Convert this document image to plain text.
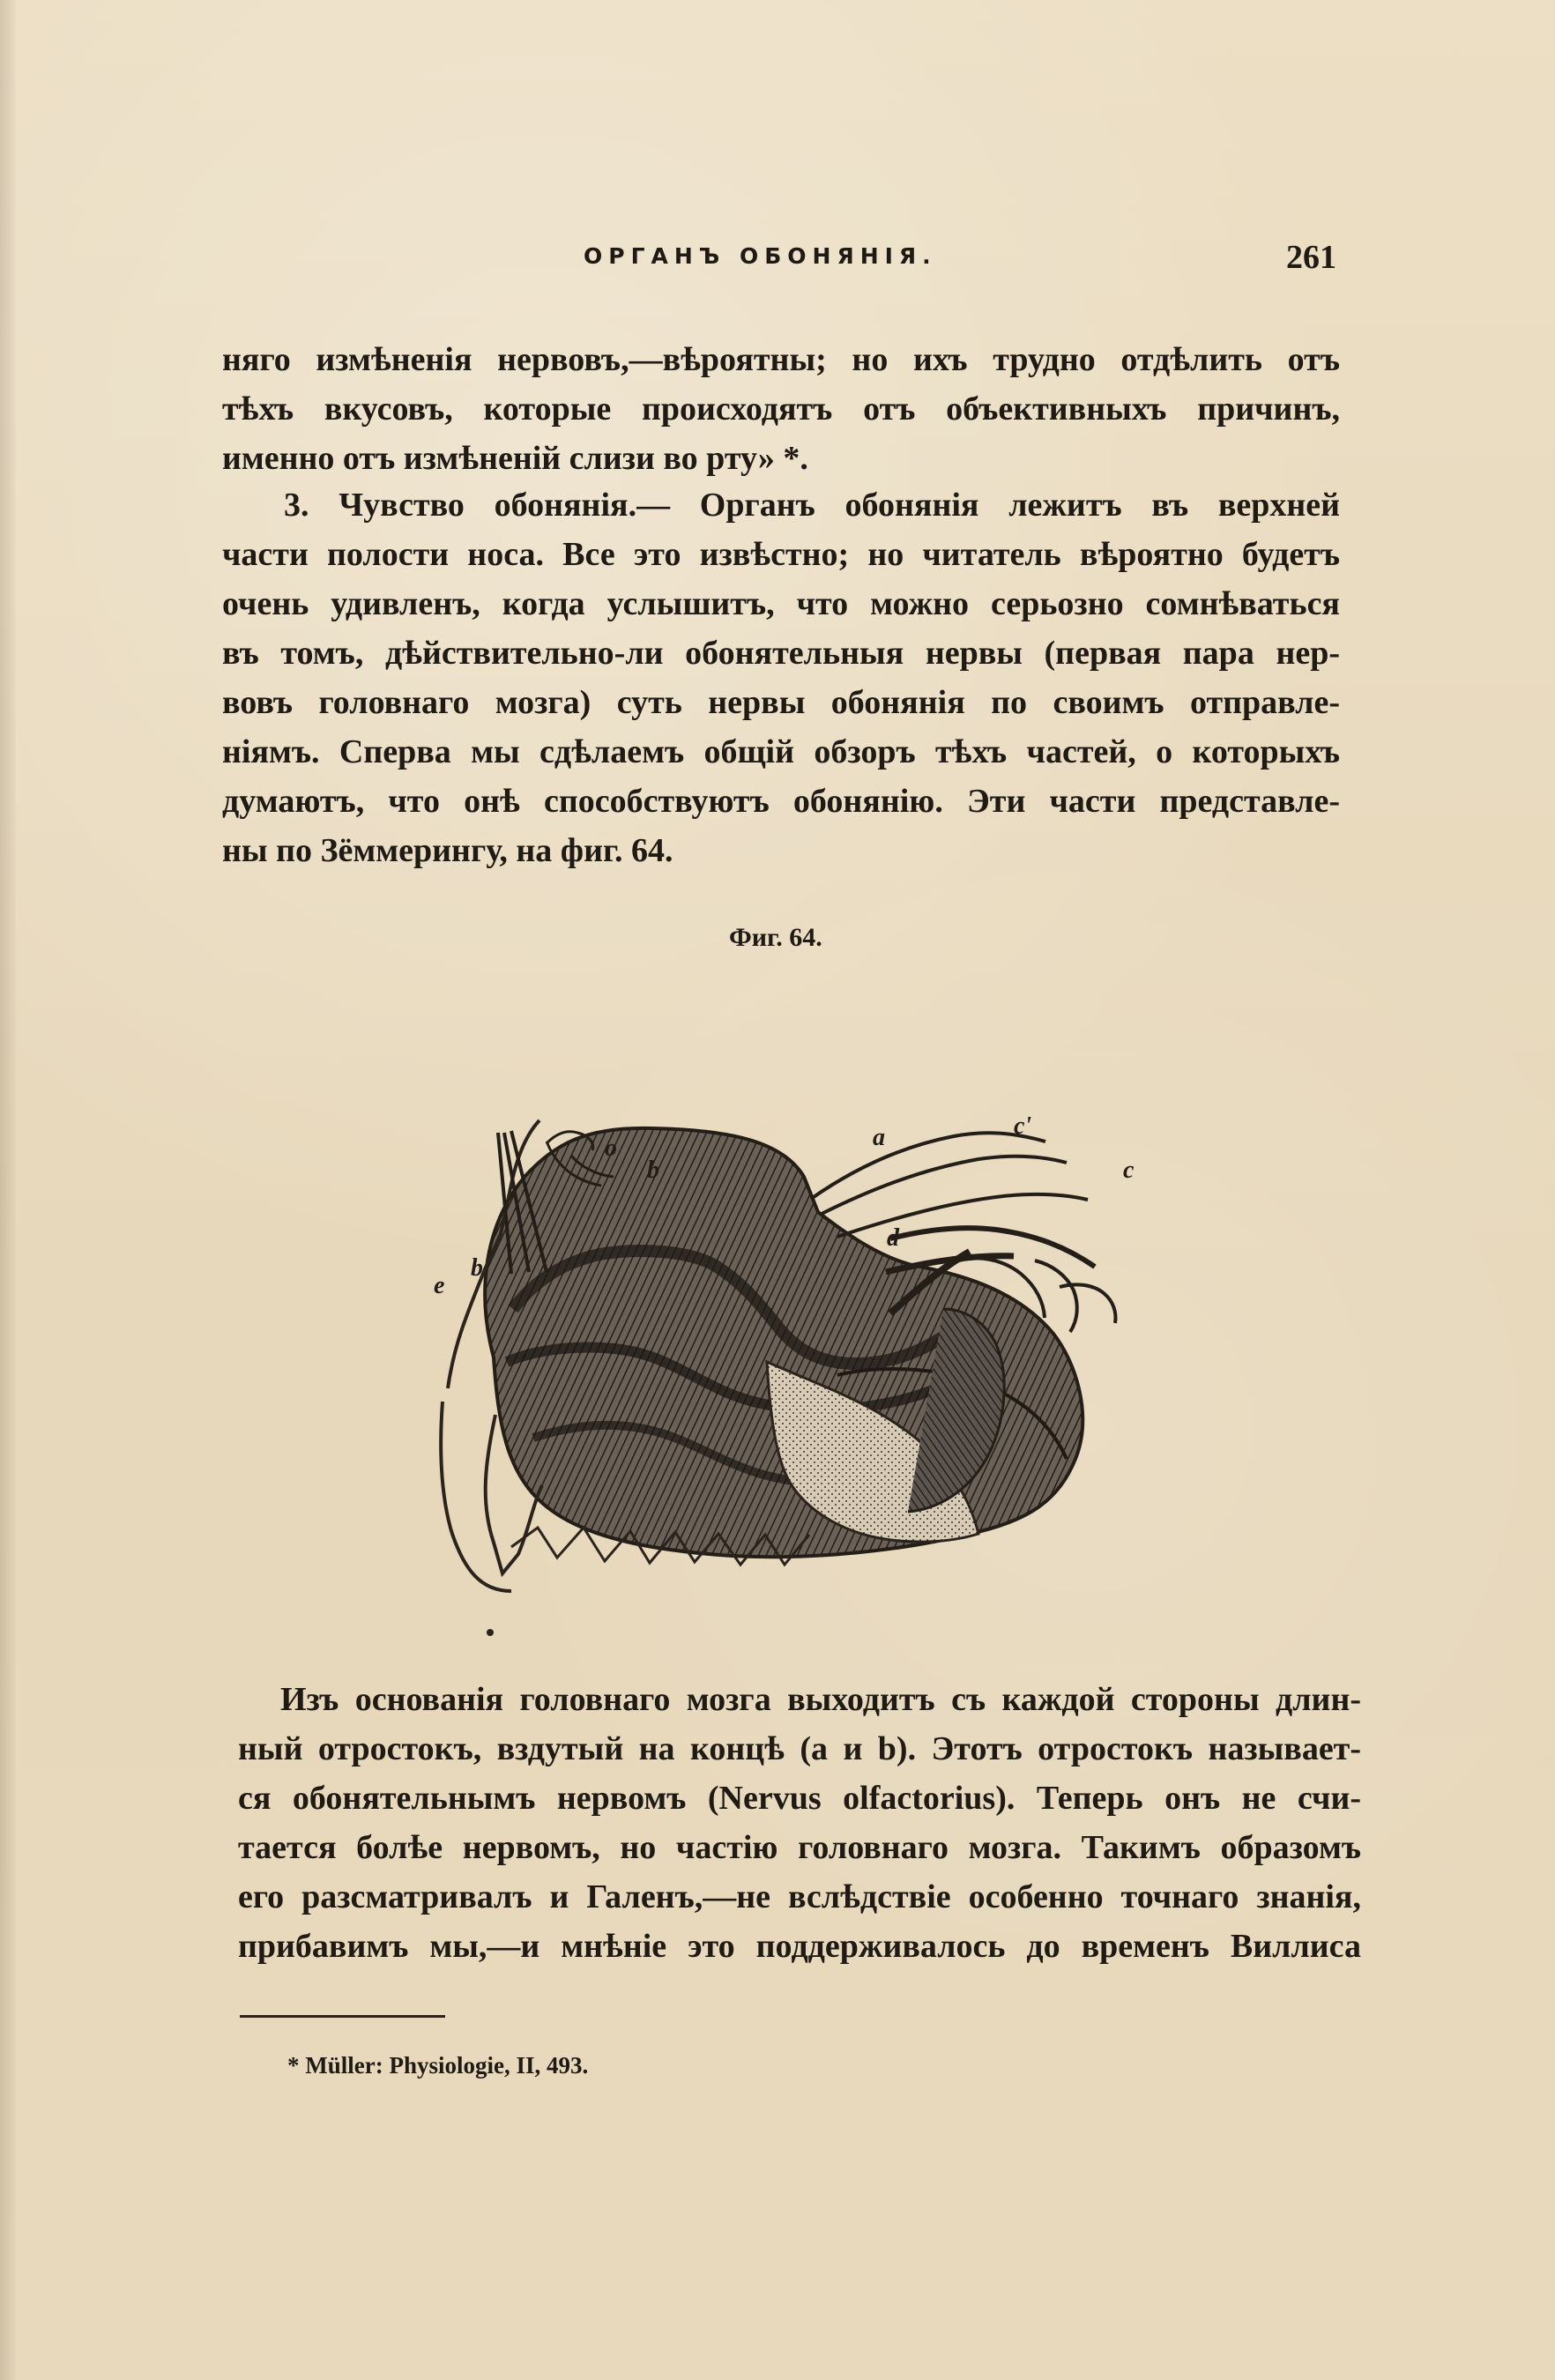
ОРГАНЪ ОБОНЯНІЯ.	261
няго измѣненія нервовъ,—вѣроятны; но ихъ трудно отдѣлить отъ
тѣхъ вкусовъ, которые происходятъ отъ объективныхъ причинъ,
именно отъ измѣненій слизи во рту» *.
3. Чувство обонянія.— Органъ обонянія лежитъ въ верхней
части полости носа. Все это извѣстно; но читатель вѣроятно будетъ
очень удивленъ, когда услышитъ, что можно серьозно сомнѣваться
въ томъ, дѣйствительно-ли обонятельныя нервы (первая пара нер-
вовъ головнаго мозга) суть нервы обонянія по своимъ отправле-
ніямъ. Сперва мы сдѣлаемъ общій обзоръ тѣхъ частей, о которыхъ
думаютъ, что онѣ способствуютъ обонянію. Эти части представле-
ны по Зёммерингу, на фиг. 64.
Фиг. 64.
b
e
o
b
a	c'
c
d
Изъ основанія головнаго мозга выходитъ съ каждой стороны длин-
ный отростокъ, вздутый на концѣ (a и b). Этотъ отростокъ называет-
ся обонятельнымъ нервомъ (Nervus olfactorius). Теперь онъ не счи-
тается болѣе нервомъ, но частію головнаго мозга. Такимъ образомъ
его разсматривалъ и Галенъ,—не вслѣдствіе особенно точнаго знанія,
прибавимъ мы,—и мнѣніе это поддерживалось до временъ Виллиса
* Müller: Physiologie, II, 493.
